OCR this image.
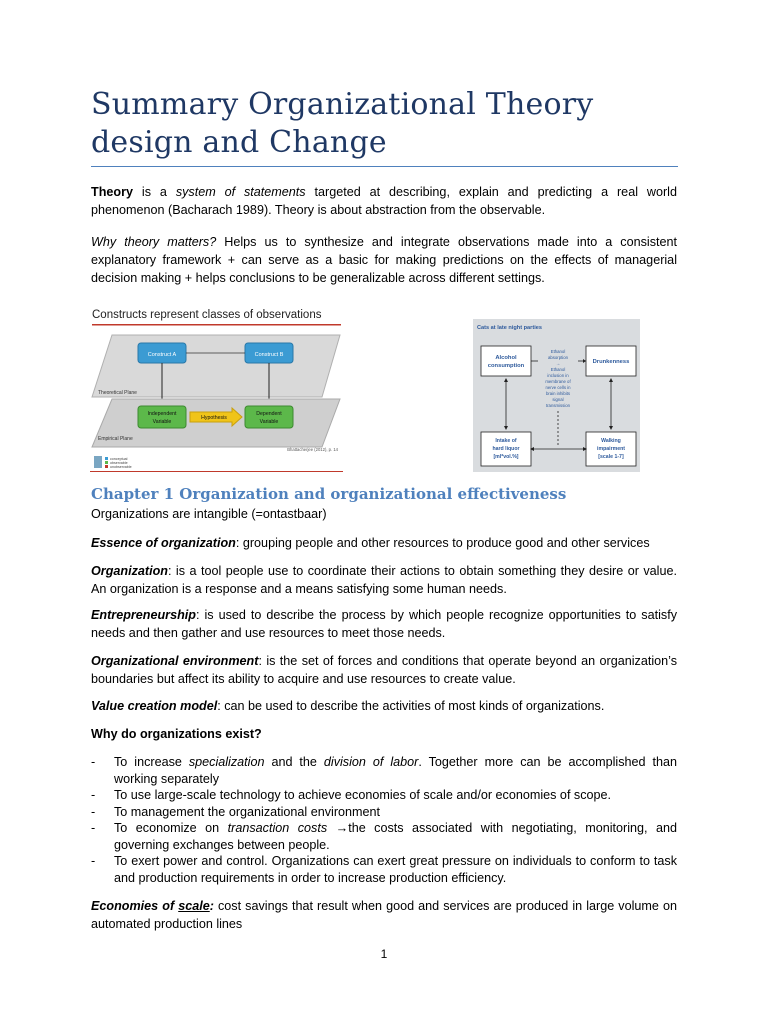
Summary Organizational Theory design and Change

Theory is a system of statements targeted at describing, explain and predicting a real world phenomenon (Bacharach 1989). Theory is about abstraction from the observable.

Why theory matters? Helps us to synthesize and integrate observations made into a consistent explanatory framework + can serve as a basic for making predictions on the effects of managerial decision making + helps conclusions to be generalizable across different settings.

Constructs represent classes of observations
Construct A	Construct B
Theoretical Plane
Independent
Variable
Hypothesis
Dependent
Variable
Empirical Plane
Bhattacherjee (2012), p. 14
conceptual
observable
unobservable
Cats at late night parties
Alcohol
consumption
Drunkenness
Intake of
hard liquor
[ml*vol.%]
Walking
impairment
[scale 1-7]
Ethanol
absorption
→
Ethanol
inclusion in
membrane of
nerve cells in
brain inhibits
signal
transmission
Chapter 1 Organization and organizational effectiveness

Organizations are intangible (=ontastbaar)

Essence of organization: grouping people and other resources to produce good and other services

Organization: is a tool people use to coordinate their actions to obtain something they desire or value. An organization is a response and a means satisfying some human needs.

Entrepreneurship: is used to describe the process by which people recognize opportunities to satisfy needs and then gather and use resources to meet those needs.

Organizational environment: is the set of forces and conditions that operate beyond an organization’s boundaries but affect its ability to acquire and use resources to create value.

Value creation model: can be used to describe the activities of most kinds of organizations.

Why do organizations exist?

- To increase specialization and the division of labor. Together more can be accomplished than working separately
- To use large-scale technology to achieve economies of scale and/or economies of scope.
- To management the organizational environment
- To economize on transaction costs →the costs associated with negotiating, monitoring, and governing exchanges between people.
- To exert power and control. Organizations can exert great pressure on individuals to conform to task and production requirements in order to increase production efficiency.

Economies of scale: cost savings that result when good and services are produced in large volume on automated production lines

1
